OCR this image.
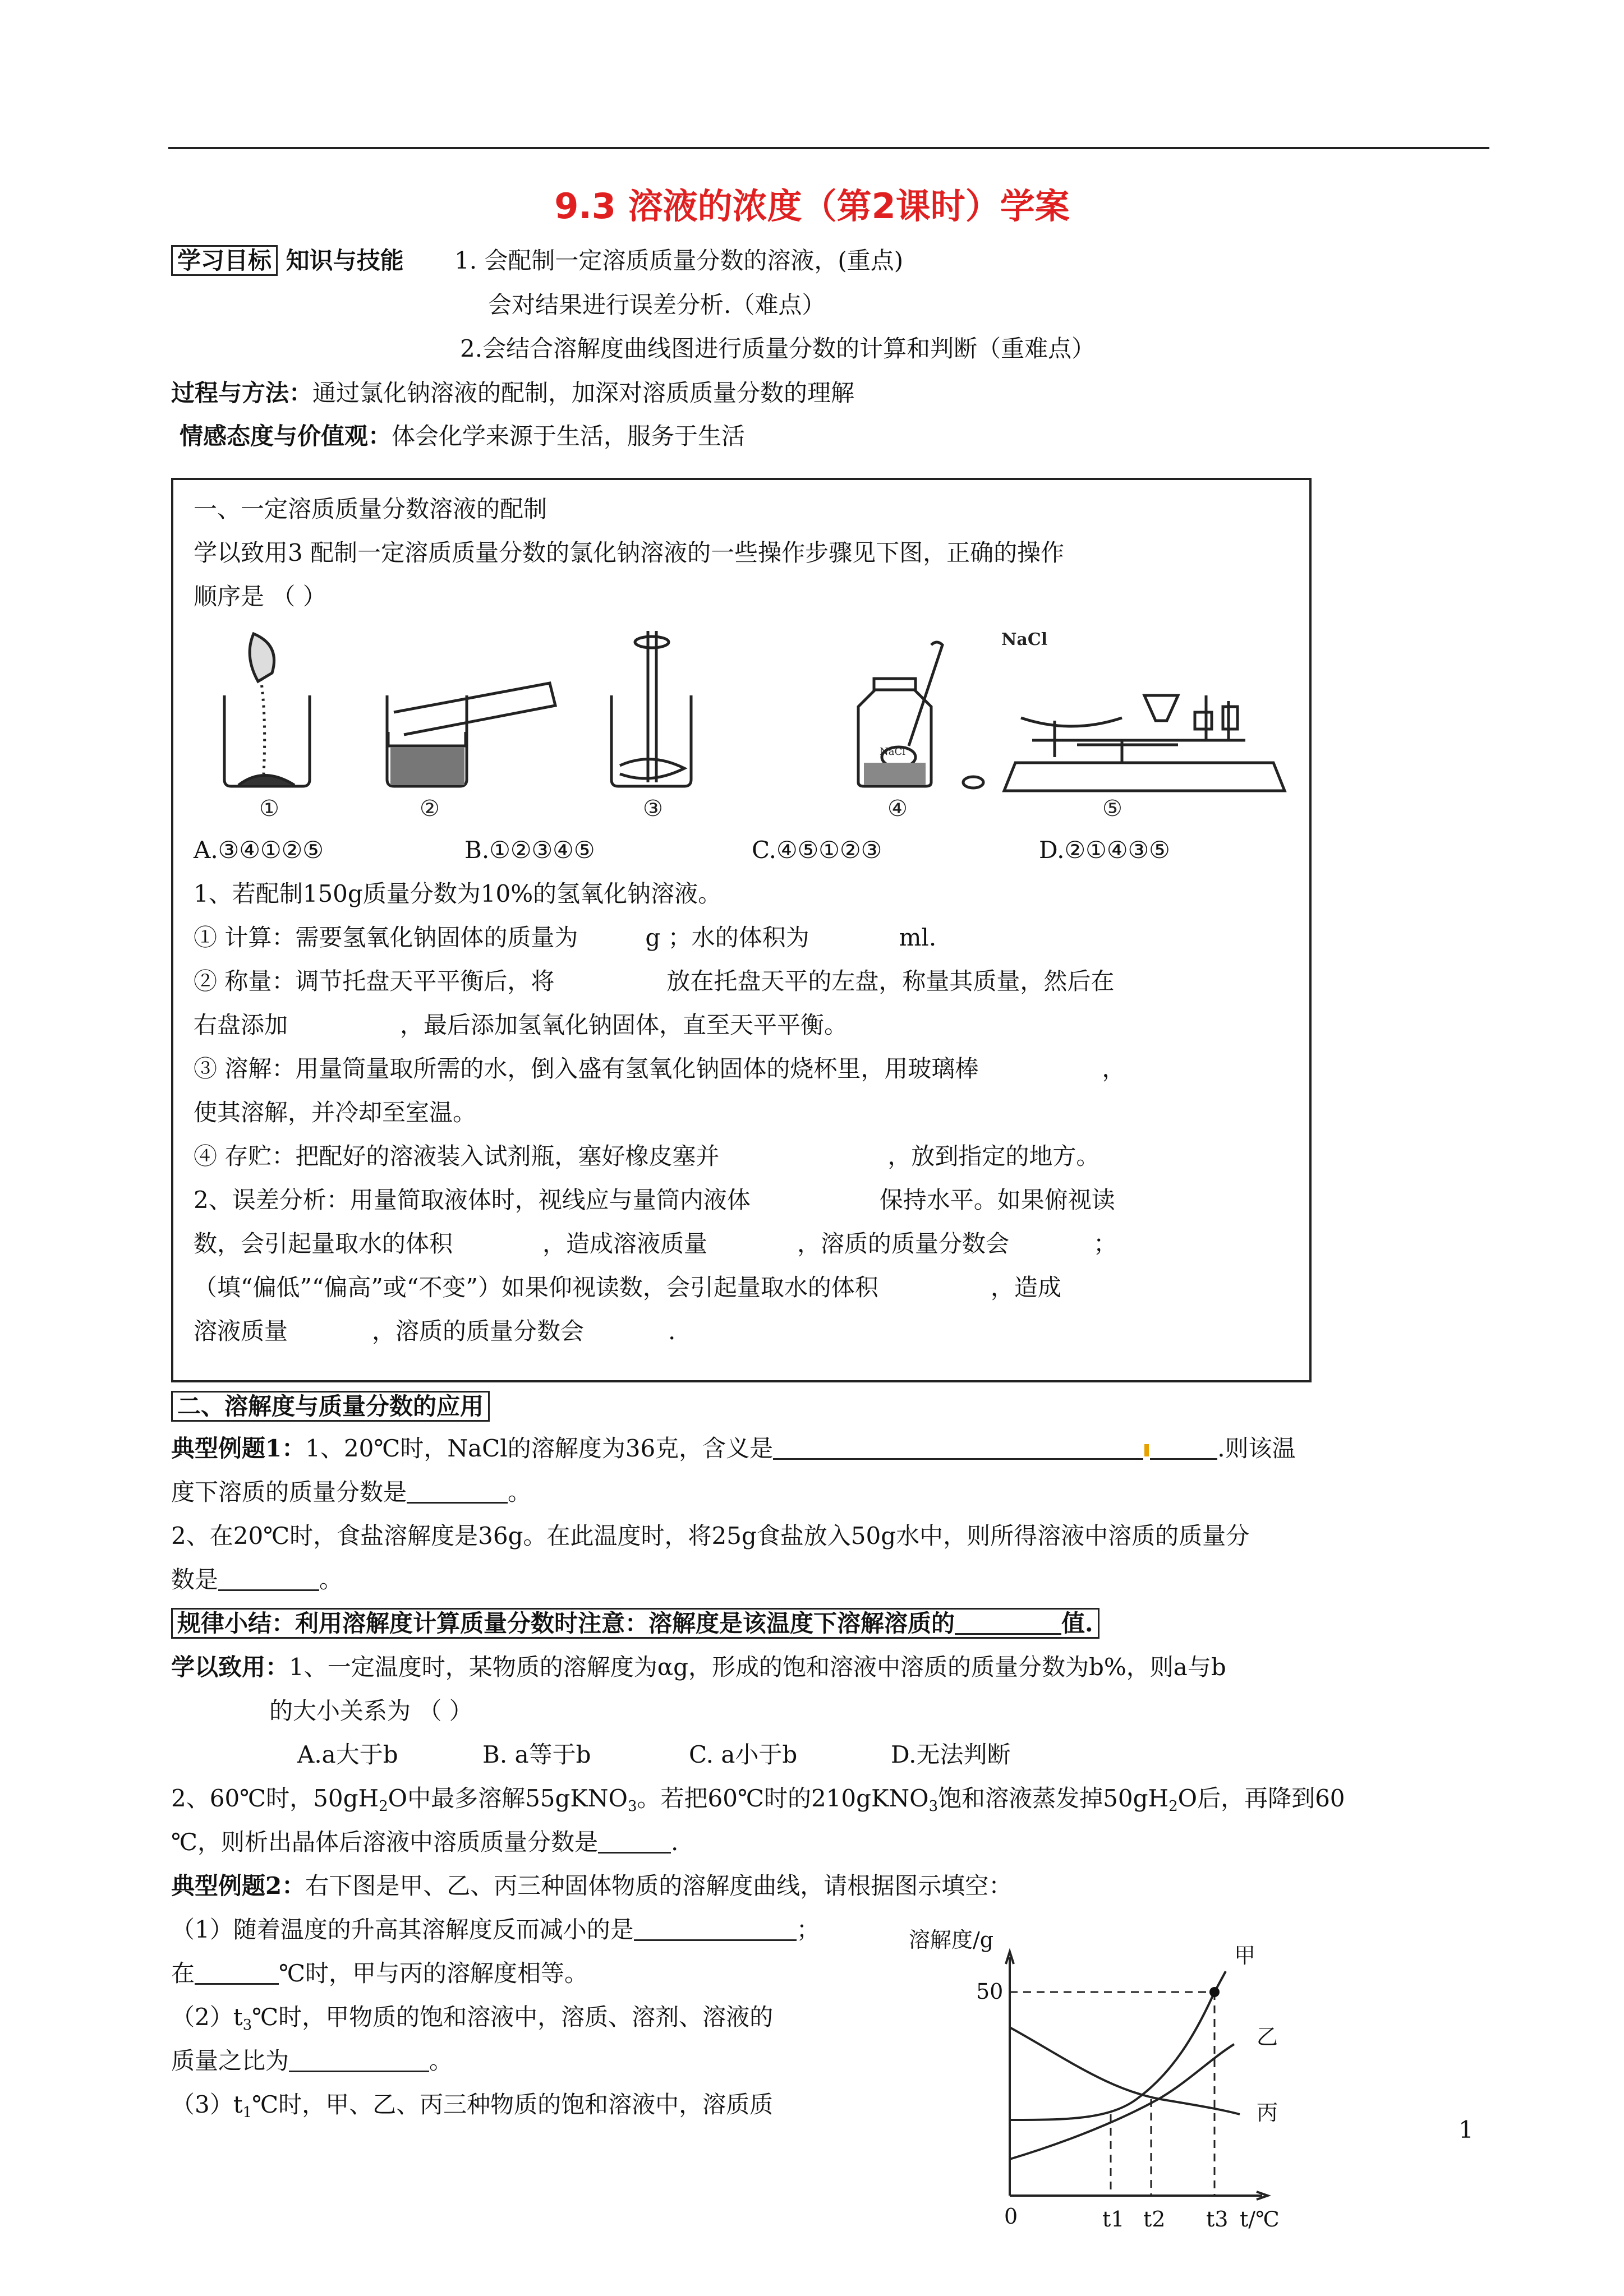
9.3 溶液的浓度（第2课时）学案
学习目标 知识与技能 1. 会配制一定溶质质量分数的溶液，(重点)
会对结果进行误差分析.（难点）
2.会结合溶解度曲线图进行质量分数的计算和判断（重难点）
过程与方法：通过氯化钠溶液的配制，加深对溶质质量分数的理解
情感态度与价值观：体会化学来源于生活，服务于生活
一、一定溶质质量分数溶液的配制
学以致用3 配制一定溶质质量分数的氯化钠溶液的一些操作步骤见下图，正确的操作
顺序是 （ ）
NaCl
NaCl
①	②	③	④	⑤
A.③④①②⑤	B.①②③④⑤	C.④⑤①②③	D.②①④③⑤
1、若配制150g质量分数为10%的氢氧化钠溶液。
① 计算：需要氢氧化钠固体的质量为	g ；水的体积为	ml.
② 称量：调节托盘天平平衡后，将	放在托盘天平的左盘，称量其质量，然后在
右盘添加	，最后添加氢氧化钠固体，直至天平平衡。
③ 溶解：用量筒量取所需的水，倒入盛有氢氧化钠固体的烧杯里，用玻璃棒	，
使其溶解，并冷却至室温。
④ 存贮：把配好的溶液装入试剂瓶，塞好橡皮塞并	，放到指定的地方。
2、误差分析：用量简取液体时，视线应与量筒内液体	保持水平。如果俯视读
数，会引起量取水的体积	，造成溶液质量	，溶质的质量分数会	；
（填“偏低”“偏高”或“不变”）如果仰视读数，会引起量取水的体积	，造成
溶液质量	，溶质的质量分数会	.
二、溶解度与质量分数的应用
典型例题1：1、20℃时，NaCl的溶解度为36克，含义是	.则该温
度下溶质的质量分数是	。
2、在20℃时，食盐溶解度是36g。在此温度时，将25g食盐放入50g水中，则所得溶液中溶质的质量分
数是	。
规律小结：利用溶解度计算质量分数时注意：溶解度是该温度下溶解溶质的	值.
学以致用：1、一定温度时，某物质的溶解度为αg，形成的饱和溶液中溶质的质量分数为b%，则a与b
的大小关系为 （ ）
A.a大于b	B. a等于b	C. a小于b	D.无法判断
2、60℃时，$50gH_2O$中最多溶解55gKNO$_3$。若把60℃时的210gKNO$_3$饱和溶液蒸发掉$50gH_2O$后，再降到60
℃，则析出晶体后溶液中溶质质量分数是	.
典型例题2：右下图是甲、乙、丙三种固体物质的溶解度曲线，请根据图示填空：
（1）随着温度的升高其溶解度反而减小的是	；
在	℃时，甲与丙的溶解度相等。
$(2)t_3℃$时，甲物质的饱和溶液中，溶质、溶剂、溶液的
质量之比为	。
$(3)t_1℃$时，甲、乙、丙三种物质的饱和溶液中，溶质质
溶解度/g
50
0	t1 t2 t3 t/℃
甲
乙
丙
1
